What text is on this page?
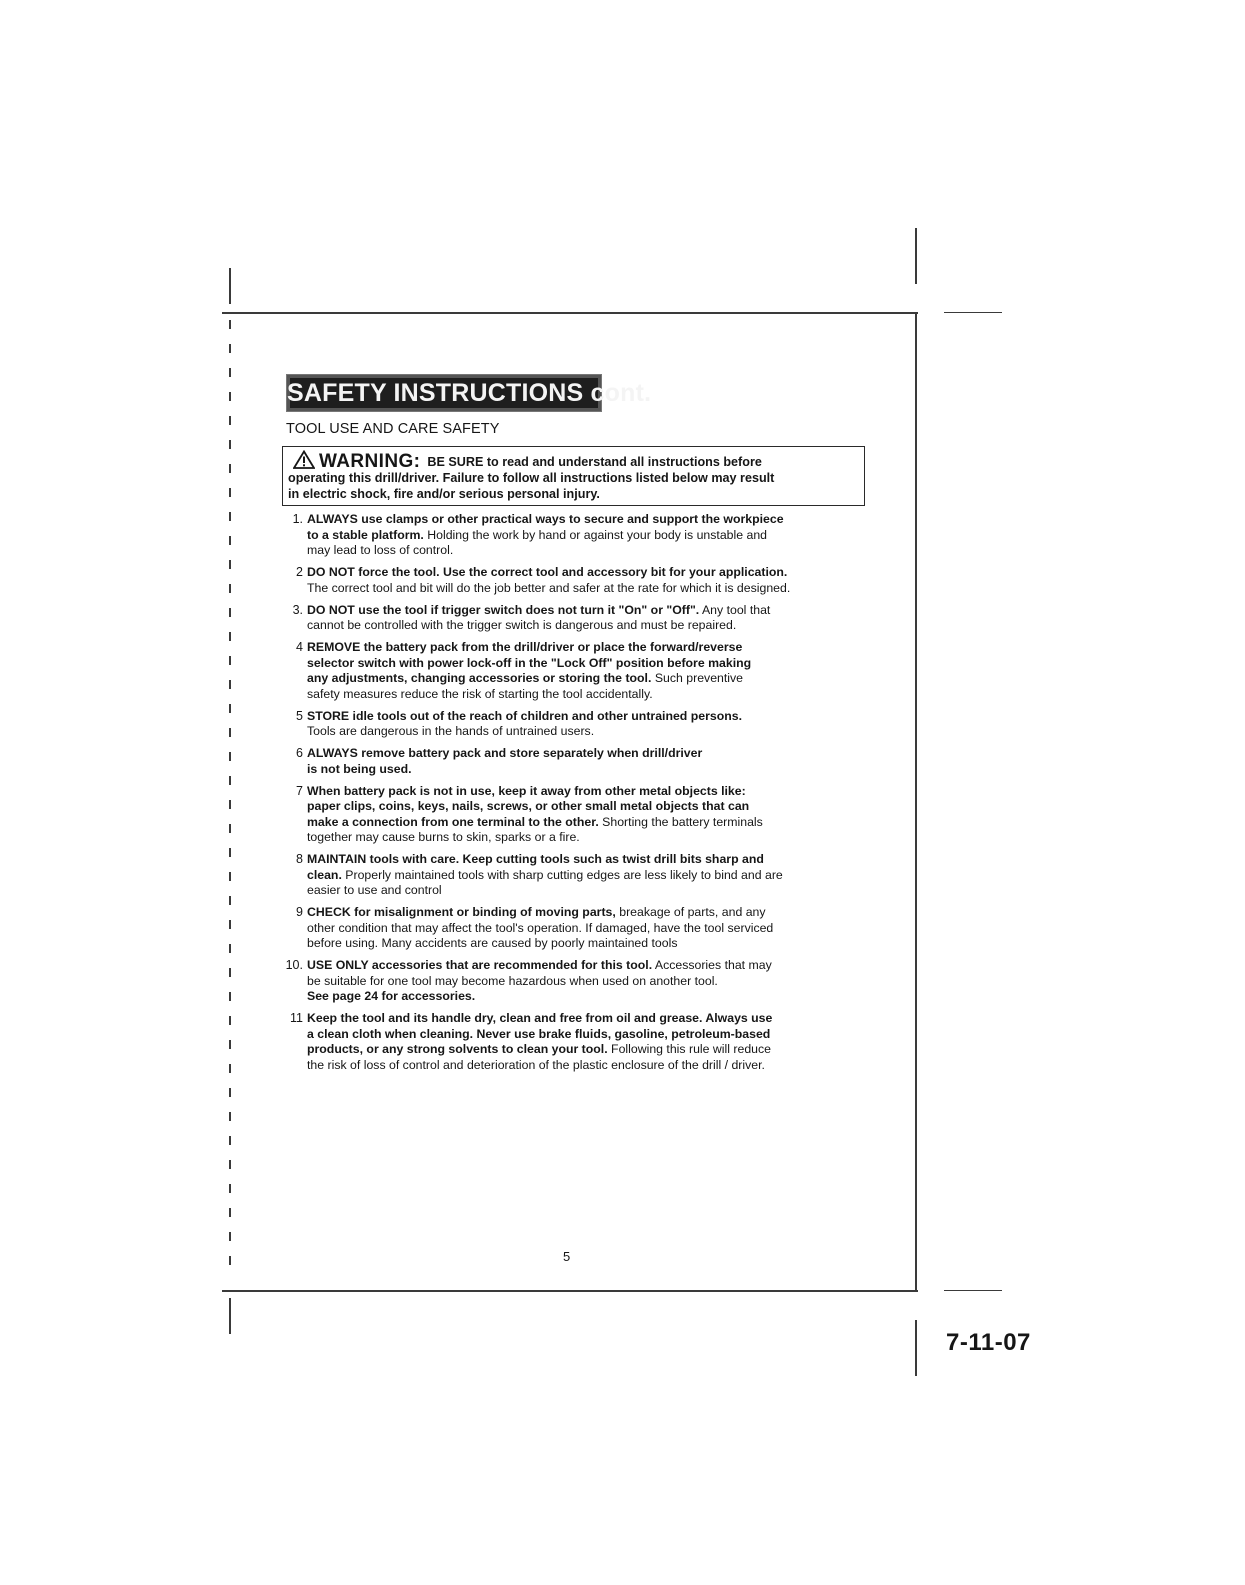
SAFETY INSTRUCTIONS cont.
TOOL USE AND CARE SAFETY
WARNING: BE SURE to read and understand all instructions before
operating this drill/driver. Failure to follow all instructions listed below may result
in electric shock, fire and/or serious personal injury.
1. ALWAYS use clamps or other practical ways to secure and support the workpiece
to a stable platform. Holding the work by hand or against your body is unstable and
may lead to loss of control.
2 DO NOT force the tool. Use the correct tool and accessory bit for your application.
The correct tool and bit will do the job better and safer at the rate for which it is designed.
3. DO NOT use the tool if trigger switch does not turn it "On" or "Off". Any tool that
cannot be controlled with the trigger switch is dangerous and must be repaired.
4 REMOVE the battery pack from the drill/driver or place the forward/reverse
selector switch with power lock-off in the "Lock Off" position before making
any adjustments, changing accessories or storing the tool. Such preventive
safety measures reduce the risk of starting the tool accidentally.
5 STORE idle tools out of the reach of children and other untrained persons.
Tools are dangerous in the hands of untrained users.
6 ALWAYS remove battery pack and store separately when drill/driver
is not being used.
7 When battery pack is not in use, keep it away from other metal objects like:
paper clips, coins, keys, nails, screws, or other small metal objects that can
make a connection from one terminal to the other. Shorting the battery terminals
together may cause burns to skin, sparks or a fire.
8 MAINTAIN tools with care. Keep cutting tools such as twist drill bits sharp and
clean. Properly maintained tools with sharp cutting edges are less likely to bind and are
easier to use and control
9 CHECK for misalignment or binding of moving parts, breakage of parts, and any
other condition that may affect the tool's operation. If damaged, have the tool serviced
before using. Many accidents are caused by poorly maintained tools
10. USE ONLY accessories that are recommended for this tool. Accessories that may
be suitable for one tool may become hazardous when used on another tool.
See page 24 for accessories.
11 Keep the tool and its handle dry, clean and free from oil and grease. Always use
a clean cloth when cleaning. Never use brake fluids, gasoline, petroleum-based
products, or any strong solvents to clean your tool. Following this rule will reduce
the risk of loss of control and deterioration of the plastic enclosure of the drill / driver.
5
7-11-07
